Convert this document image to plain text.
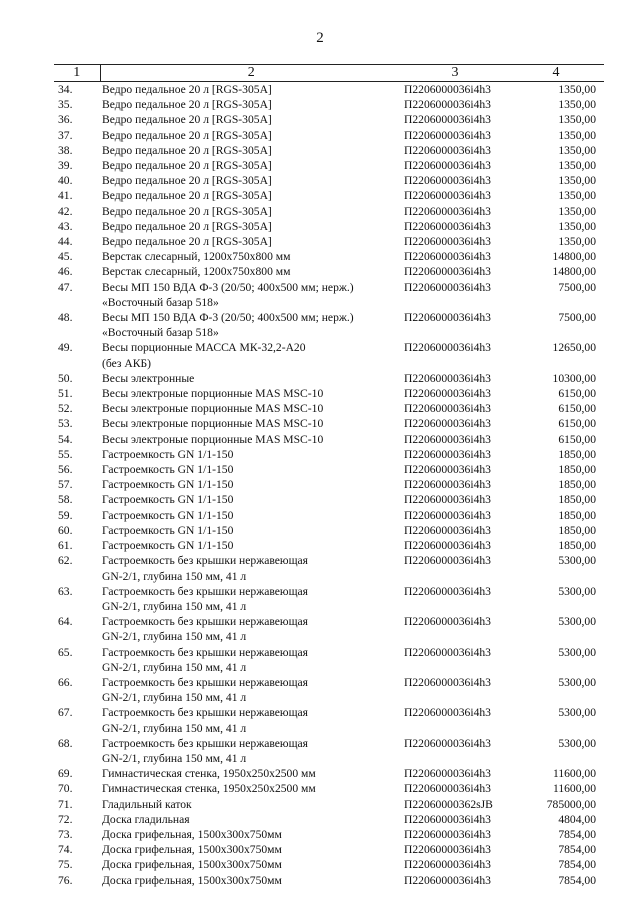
2
1	2	3	4
34.	Ведро педальное 20 л [RGS-305A]	П2206000036i4h3	1350,00
35.	Ведро педальное 20 л [RGS-305A]	П2206000036i4h3	1350,00
36.	Ведро педальное 20 л [RGS-305A]	П2206000036i4h3	1350,00
37.	Ведро педальное 20 л [RGS-305A]	П2206000036i4h3	1350,00
38.	Ведро педальное 20 л [RGS-305A]	П2206000036i4h3	1350,00
39.	Ведро педальное 20 л [RGS-305A]	П2206000036i4h3	1350,00
40.	Ведро педальное 20 л [RGS-305A]	П2206000036i4h3	1350,00
41.	Ведро педальное 20 л [RGS-305A]	П2206000036i4h3	1350,00
42.	Ведро педальное 20 л [RGS-305A]	П2206000036i4h3	1350,00
43.	Ведро педальное 20 л [RGS-305A]	П2206000036i4h3	1350,00
44.	Ведро педальное 20 л [RGS-305A]	П2206000036i4h3	1350,00
45.	Верстак слесарный, 1200x750x800 мм	П2206000036i4h3	14800,00
46.	Верстак слесарный, 1200x750x800 мм	П2206000036i4h3	14800,00
47.	Весы МП 150 ВДА Ф-3 (20/50; 400x500 мм; нерж.)
«Восточный базар 518»	П2206000036i4h3	7500,00
48.	Весы МП 150 ВДА Ф-3 (20/50; 400x500 мм; нерж.)
«Восточный базар 518»	П2206000036i4h3	7500,00
49.	Весы порционные МАССА МК-32,2-А20
(без АКБ)	П2206000036i4h3	12650,00
50.	Весы электронные	П2206000036i4h3	10300,00
51.	Весы электроные порционные MAS MSC-10	П2206000036i4h3	6150,00
52.	Весы электроные порционные MAS MSC-10	П2206000036i4h3	6150,00
53.	Весы электроные порционные MAS MSC-10	П2206000036i4h3	6150,00
54.	Весы электроные порционные MAS MSC-10	П2206000036i4h3	6150,00
55.	Гастроемкость GN 1/1-150	П2206000036i4h3	1850,00
56.	Гастроемкость GN 1/1-150	П2206000036i4h3	1850,00
57.	Гастроемкость GN 1/1-150	П2206000036i4h3	1850,00
58.	Гастроемкость GN 1/1-150	П2206000036i4h3	1850,00
59.	Гастроемкость GN 1/1-150	П2206000036i4h3	1850,00
60.	Гастроемкость GN 1/1-150	П2206000036i4h3	1850,00
61.	Гастроемкость GN 1/1-150	П2206000036i4h3	1850,00
62.	Гастроемкость без крышки нержавеющая
GN-2/1, глубина 150 мм, 41 л	П2206000036i4h3	5300,00
63.	Гастроемкость без крышки нержавеющая
GN-2/1, глубина 150 мм, 41 л	П2206000036i4h3	5300,00
64.	Гастроемкость без крышки нержавеющая
GN-2/1, глубина 150 мм, 41 л	П2206000036i4h3	5300,00
65.	Гастроемкость без крышки нержавеющая
GN-2/1, глубина 150 мм, 41 л	П2206000036i4h3	5300,00
66.	Гастроемкость без крышки нержавеющая
GN-2/1, глубина 150 мм, 41 л	П2206000036i4h3	5300,00
67.	Гастроемкость без крышки нержавеющая
GN-2/1, глубина 150 мм, 41 л	П2206000036i4h3	5300,00
68.	Гастроемкость без крышки нержавеющая
GN-2/1, глубина 150 мм, 41 л	П2206000036i4h3	5300,00
69.	Гимнастическая стенка, 1950x250x2500 мм	П2206000036i4h3	11600,00
70.	Гимнастическая стенка, 1950x250x2500 мм	П2206000036i4h3	11600,00
71.	Гладильный каток	П22060000362sJB	785000,00
72.	Доска гладильная	П2206000036i4h3	4804,00
73.	Доска грифельная, 1500x300x750мм	П2206000036i4h3	7854,00
74.	Доска грифельная, 1500x300x750мм	П2206000036i4h3	7854,00
75.	Доска грифельная, 1500x300x750мм	П2206000036i4h3	7854,00
76.	Доска грифельная, 1500x300x750мм	П2206000036i4h3	7854,00
